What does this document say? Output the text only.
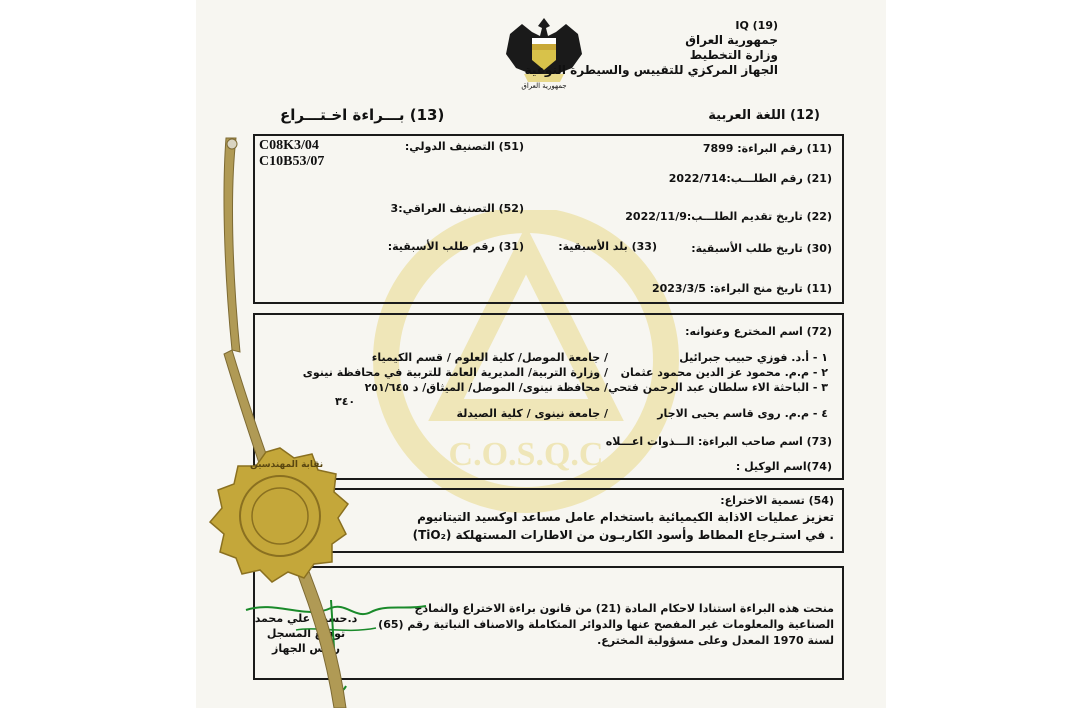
C.O.S.Q.C
جمهورية العراق
IQ (19)
جمهورية العراق
وزارة التخطيط
الجهاز المركزي للتقييس والسيطرة النوعية
(12) اللغة العربية
(13) بـــراءة اخـتـــراع
(11) رقم البراءة: 7899
(51) التصنيف الدولي:
C08K3/04
C10B53/07
(21) رقم الطلـــب:2022/714
(52) التصنيف العراقي:3
(22) تاريخ تقديم الطلـــب:2022/11/9
(30) تاريخ طلب الأسبقية:
(33) بلد الأسبقية:
(31) رقم طلب الأسبقية:
(11) تاريخ منح البراءة: 2023/3/5
(72) اسم المخترع وعنوانه:
١ - أ.د. فوزي حبيب جبرائيل
/ جامعة الموصل/ كلية العلوم / قسم الكيمياء
٢ - م.م. محمود عز الدين محمود عثمان
/ وزارة التربية/ المديرية العامة للتربية في محافظة نينوى
٣ - الباحثة الاء سلطان عبد الرحمن فتحي
/ محافظة نينوى/ الموصل/ الميثاق/ د ٢٥١/٦٤٥
٣٤٠
٤ - م.م. روى قاسم يحيى الاجار
/ جامعة نينوى / كلية الصيدلة
(73) اسم صاحب البراءة: الـــذوات اعـــلاه
(74)اسم الوكيل :
(54) تسمية الاختراع:
تعزيز عمليات الاذابة الكيميائية باستخدام عامل مساعد اوكسيد التيتانيوم
(TiO₂) في استـرجاع المطاط وأسود الكاربـون من الاطارات المستهلكة .
منحت هذه البراءة استنادا لاحكام المادة (21) من قانون براءة الاختراع والنماذج
الصناعية والمعلومات غير المفصح عنها والدوائر المتكاملة والاصناف النباتية رقم (65)
لسنة 1970 المعدل وعلى مسؤولية المخترع.
د.حسين علي محمد
توقيع المسجل
رئيس الجهاز
نقابة المهندسين
